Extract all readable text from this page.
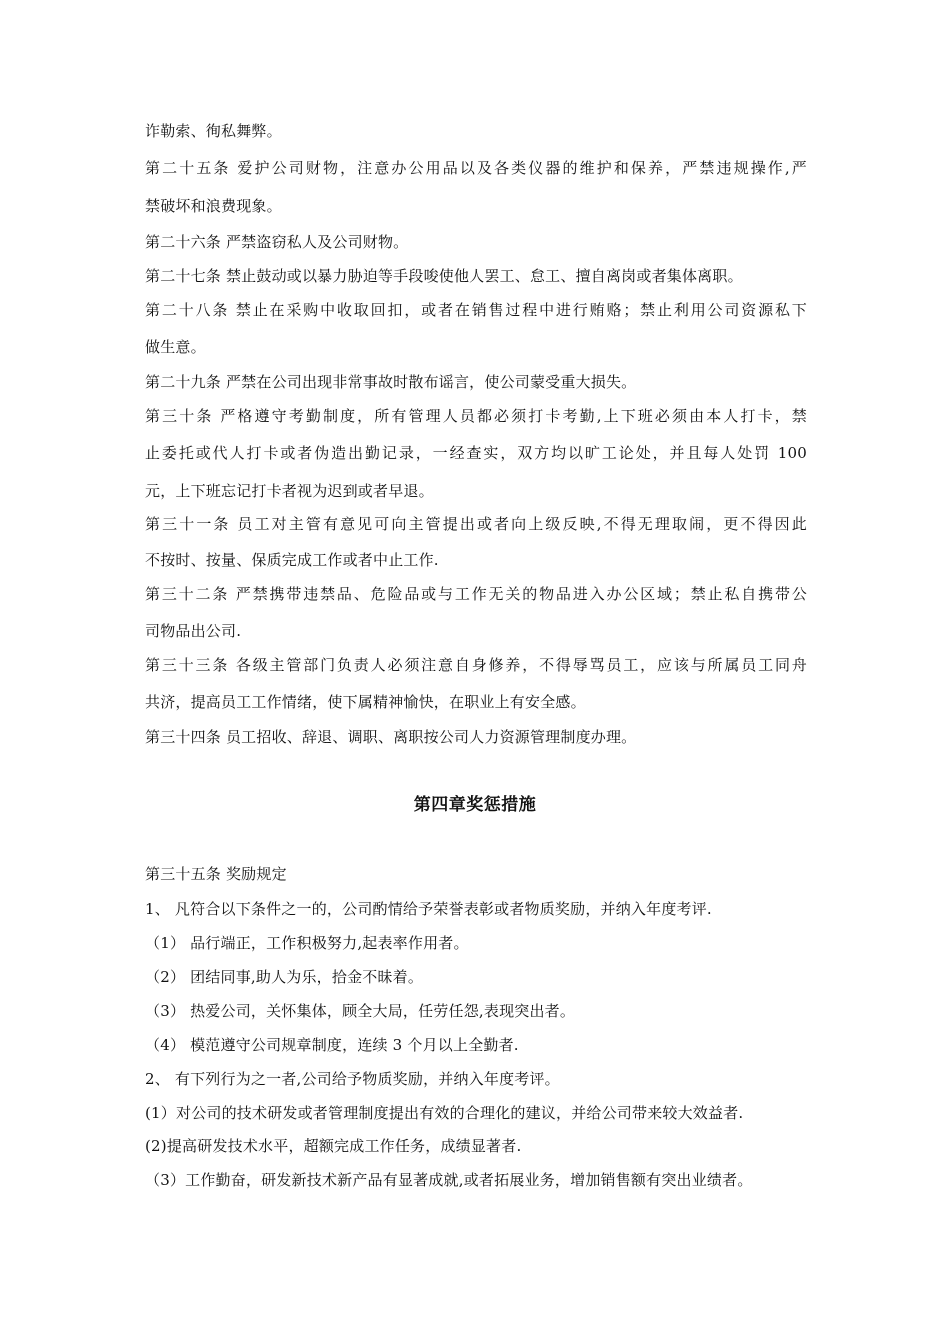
诈勒索、徇私舞弊。
第二十五条 爱护公司财物，注意办公用品以及各类仪器的维护和保养，严禁违规操作,严
禁破坏和浪费现象。
第二十六条 严禁盗窃私人及公司财物。
第二十七条 禁止鼓动或以暴力胁迫等手段唆使他人罢工、怠工、擅自离岗或者集体离职。
第二十八条 禁止在采购中收取回扣，或者在销售过程中进行贿赂；禁止利用公司资源私下
做生意。
第二十九条 严禁在公司出现非常事故时散布谣言，使公司蒙受重大损失。
第三十条 严格遵守考勤制度，所有管理人员都必须打卡考勤,上下班必须由本人打卡，禁
止委托或代人打卡或者伪造出勤记录，一经查实，双方均以旷工论处，并且每人处罚 100
元，上下班忘记打卡者视为迟到或者早退。
第三十一条 员工对主管有意见可向主管提出或者向上级反映,不得无理取闹，更不得因此
不按时、按量、保质完成工作或者中止工作.
第三十二条 严禁携带违禁品、危险品或与工作无关的物品进入办公区域；禁止私自携带公
司物品出公司.
第三十三条 各级主管部门负责人必须注意自身修养，不得辱骂员工，应该与所属员工同舟
共济，提高员工工作情绪，使下属精神愉快，在职业上有安全感。
第三十四条 员工招收、辞退、调职、离职按公司人力资源管理制度办理。
第四章奖惩措施
第三十五条 奖励规定
1、 凡符合以下条件之一的，公司酌情给予荣誉表彰或者物质奖励，并纳入年度考评.
（1） 品行端正，工作积极努力,起表率作用者。
（2） 团结同事,助人为乐，拾金不昧着。
（3） 热爱公司，关怀集体，顾全大局，任劳任怨,表现突出者。
（4） 模范遵守公司规章制度，连续 3 个月以上全勤者.
2、 有下列行为之一者,公司给予物质奖励，并纳入年度考评。
(1）对公司的技术研发或者管理制度提出有效的合理化的建议，并给公司带来较大效益者.
(2)提高研发技术水平，超额完成工作任务，成绩显著者.
（3）工作勤奋，研发新技术新产品有显著成就,或者拓展业务，增加销售额有突出业绩者。
